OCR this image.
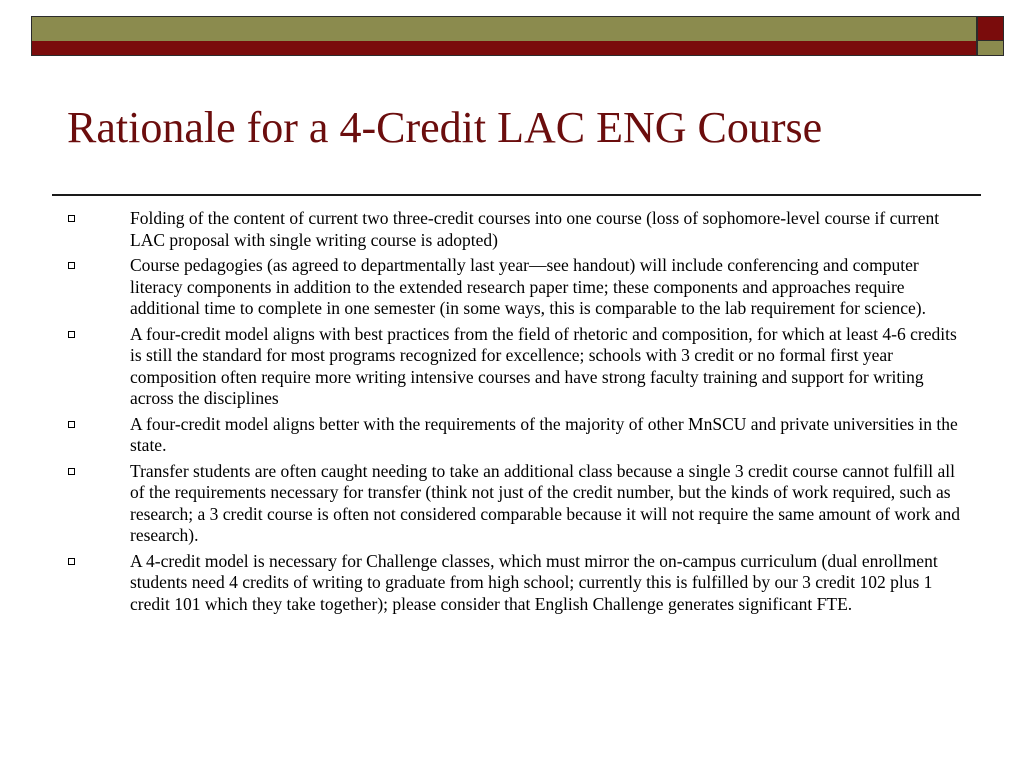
Rationale for a 4-Credit LAC ENG Course
Folding of the content of current two three-credit courses into one course (loss of sophomore-level course if current LAC proposal with single writing course is adopted)
Course pedagogies (as agreed to departmentally last year—see handout) will include conferencing and computer literacy components in addition to the extended research paper time; these components and approaches require additional time to complete in one semester (in some ways, this is comparable to the lab requirement for science).
A four-credit model aligns with best practices from the field of rhetoric and composition, for which at least 4-6 credits is still the standard for most programs recognized for excellence; schools with 3 credit or no formal first year composition often require more writing intensive courses and have strong faculty training and support for writing across the disciplines
A four-credit model aligns better with the requirements of the majority of other MnSCU and private universities in the state.
Transfer students are often caught needing to take an additional class because a single 3 credit course cannot fulfill all of the requirements necessary for transfer (think not just of the credit number, but the kinds of work required, such as research; a 3 credit course is often not considered comparable because it will not require the same amount of work and research).
A 4-credit model is necessary for Challenge classes, which must mirror the on-campus curriculum (dual enrollment students need 4 credits of writing to graduate from high school; currently this is fulfilled by our 3 credit 102 plus 1 credit 101 which they take together); please consider that English Challenge generates significant FTE.
